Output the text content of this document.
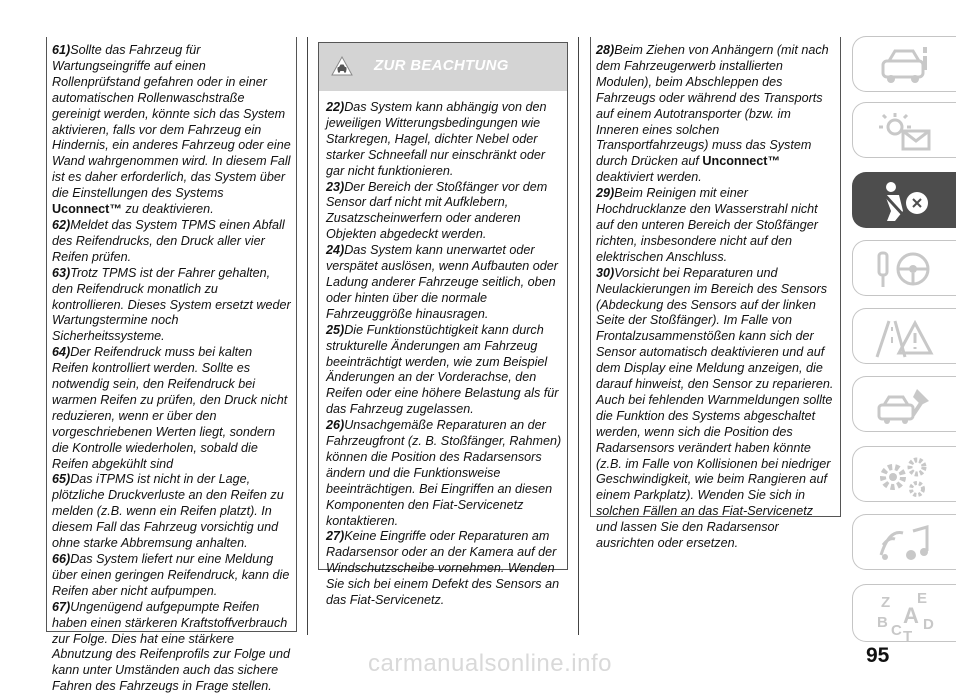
61)Sollte das Fahrzeug für Wartungseingriffe auf einen Rollenprüfstand gefahren oder in einer automatischen Rollenwaschstraße gereinigt werden, könnte sich das System aktivieren, falls vor dem Fahrzeug ein Hindernis, ein anderes Fahrzeug oder eine Wand wahrgenommen wird. In diesem Fall ist es daher erforderlich, das System über die Einstellungen des Systems Uconnect™ zu deaktivieren.

62)Meldet das System TPMS einen Abfall des Reifendrucks, den Druck aller vier Reifen prüfen.

63)Trotz TPMS ist der Fahrer gehalten, den Reifendruck monatlich zu kontrollieren. Dieses System ersetzt weder Wartungstermine noch Sicherheitssysteme.

64)Der Reifendruck muss bei kalten Reifen kontrolliert werden. Sollte es notwendig sein, den Reifendruck bei warmen Reifen zu prüfen, den Druck nicht reduzieren, wenn er über den vorgeschriebenen Werten liegt, sondern die Kontrolle wiederholen, sobald die Reifen abgekühlt sind

65)Das iTPMS ist nicht in der Lage, plötzliche Druckverluste an den Reifen zu melden (z.B. wenn ein Reifen platzt). In diesem Fall das Fahrzeug vorsichtig und ohne starke Abbremsung anhalten.

66)Das System liefert nur eine Meldung über einen geringen Reifendruck, kann die Reifen aber nicht aufpumpen.

67)Ungenügend aufgepumpte Reifen haben einen stärkeren Kraftstoffverbrauch zur Folge. Dies hat eine stärkere Abnutzung des Reifenprofils zur Folge und kann unter Umständen auch das sichere Fahren des Fahrzeugs in Frage stellen.

ZUR BEACHTUNG

22)Das System kann abhängig von den jeweiligen Witterungsbedingungen wie Starkregen, Hagel, dichter Nebel oder starker Schneefall nur einschränkt oder gar nicht funktionieren.

23)Der Bereich der Stoßfänger vor dem Sensor darf nicht mit Aufklebern, Zusatzscheinwerfern oder anderen Objekten abgedeckt werden.

24)Das System kann unerwartet oder verspätet auslösen, wenn Aufbauten oder Ladung anderer Fahrzeuge seitlich, oben oder hinten über die normale Fahrzeuggröße hinausragen.

25)Die Funktionstüchtigkeit kann durch strukturelle Änderungen am Fahrzeug beeinträchtigt werden, wie zum Beispiel Änderungen an der Vorderachse, den Reifen oder eine höhere Belastung als für das Fahrzeug zugelassen.

26)Unsachgemäße Reparaturen an der Fahrzeugfront (z. B. Stoßfänger, Rahmen) können die Position des Radarsensors ändern und die Funktionsweise beeinträchtigen. Bei Eingriffen an diesen Komponenten den Fiat-Servicenetz kontaktieren.

27)Keine Eingriffe oder Reparaturen am Radarsensor oder an der Kamera auf der Windschutzscheibe vornehmen. Wenden Sie sich bei einem Defekt des Sensors an das Fiat-Servicenetz.

28)Beim Ziehen von Anhängern (mit nach dem Fahrzeugerwerb installierten Modulen), beim Abschleppen des Fahrzeugs oder während des Transports auf einem Autotransporter (bzw. im Inneren eines solchen Transportfahrzeugs) muss das System durch Drücken auf Unconnect™ deaktiviert werden.

29)Beim Reinigen mit einer Hochdrucklanze den Wasserstrahl nicht auf den unteren Bereich der Stoßfänger richten, insbesondere nicht auf den elektrischen Anschluss.

30)Vorsicht bei Reparaturen und Neulackierungen im Bereich des Sensors (Abdeckung des Sensors auf der linken Seite der Stoßfänger). Im Falle von Frontalzusammenstößen kann sich der Sensor automatisch deaktivieren und auf dem Display eine Meldung anzeigen, die darauf hinweist, den Sensor zu reparieren. Auch bei fehlenden Warnmeldungen sollte die Funktion des Systems abgeschaltet werden, wenn sich die Position des Radarsensors verändert haben könnte (z.B. im Falle von Kollisionen bei niedriger Geschwindigkeit, wie beim Rangieren auf einem Parkplatz). Wenden Sie sich in solchen Fällen an das Fiat-Servicenetz und lassen Sie den Radarsensor ausrichten oder ersetzen.

Z E
B A
C D
T
95
carmanualsonline.info
